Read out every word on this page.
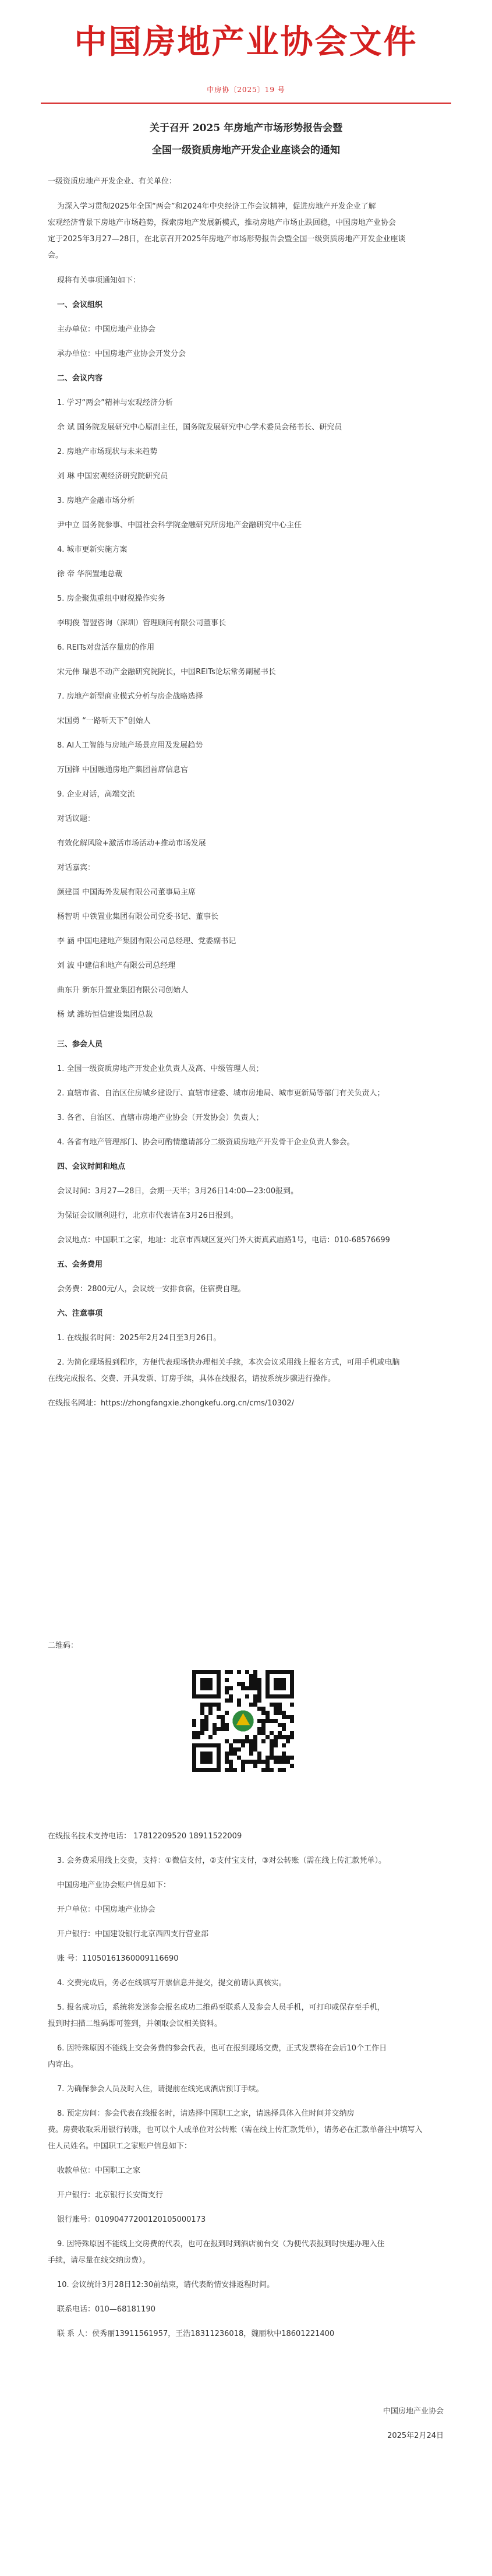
中国房地产业协会文件
中房协〔2025〕19 号
关于召开 2025 年房地产市场形势报告会暨
全国一级资质房地产开发企业座谈会的通知
一级资质房地产开发企业、有关单位：
为深入学习贯彻2025年全国“两会”和2024年中央经济工作会议精神，促进房地产开发企业了解
宏观经济背景下房地产市场趋势，探索房地产发展新模式，推动房地产市场止跌回稳，中国房地产业协会
定于2025年3月27—28日，在北京召开2025年房地产市场形势报告会暨全国一级资质房地产开发企业座谈
会。
现将有关事项通知如下：
一、会议组织
主办单位：中国房地产业协会
承办单位：中国房地产业协会开发分会
二、会议内容
1. 学习“两会”精神与宏观经济分析
余 斌 国务院发展研究中心原副主任，国务院发展研究中心学术委员会秘书长、研究员
2. 房地产市场现状与未来趋势
刘 琳 中国宏观经济研究院研究员
3. 房地产金融市场分析
尹中立 国务院参事、中国社会科学院金融研究所房地产金融研究中心主任
4. 城市更新实施方案
徐 帝 华润置地总裁
5. 房企聚焦重组中财税操作实务
李明俊 智盟咨询（深圳）管理顾问有限公司董事长
6. REITs对盘活存量房的作用
宋元伟 瑞思不动产金融研究院院长，中国REITs论坛常务副秘书长
7. 房地产新型商业模式分析与房企战略选择
宋国勇 “一路听天下”创始人
8. AI人工智能与房地产场景应用及发展趋势
万国锋 中国融通房地产集团首席信息官
9. 企业对话，高端交流
对话议题：
有效化解风险+激活市场活动+推动市场发展
对话嘉宾：
颜建国 中国海外发展有限公司董事局主席
杨智明 中铁置业集团有限公司党委书记、董事长
李 涵 中国电建地产集团有限公司总经理、党委副书记
刘 波 中建信和地产有限公司总经理
曲东升 新东升置业集团有限公司创始人
杨 斌 潍坊恒信建设集团总裁
三、参会人员
1. 全国一级资质房地产开发企业负责人及高、中级管理人员；
2. 直辖市省、自治区住房城乡建设厅、直辖市建委、城市房地局、城市更新局等部门有关负责人；
3. 各省、自治区、直辖市房地产业协会（开发协会）负责人；
4. 各省有地产管理部门、协会可酌情邀请部分二级资质房地产开发骨干企业负责人参会。
四、会议时间和地点
会议时间：3月27—28日，会期一天半；3月26日14:00—23:00报到。
为保证会议顺利进行，北京市代表请在3月26日报到。
会议地点：中国职工之家，地址：北京市西城区复兴门外大街真武庙路1号，电话：010-68576699
五、会务费用
会务费：2800元/人，会议统一安排食宿，住宿费自理。
六、注意事项
1. 在线报名时间：2025年2月24日至3月26日。
2. 为简化现场报到程序，方便代表现场快办理相关手续，本次会议采用线上报名方式，可用手机或电脑
在线完成报名、交费、开具发票、订房手续，具体在线报名，请按系统步骤进行操作。
在线报名网址：https://zhongfangxie.zhongkefu.org.cn/cms/10302/
二维码：
在线报名技术支持电话： 17812209520 18911522009
3. 会务费采用线上交费，支持：①微信支付，②支付宝支付，③对公转账（需在线上传汇款凭单）。
中国房地产业协会账户信息如下：
开户单位：中国房地产业协会
开户银行：中国建设银行北京西四支行营业部
账 号：11050161360009116690
4. 交费完成后，务必在线填写开票信息并提交，提交前请认真核实。
5. 报名成功后，系统将发送参会报名成功二维码至联系人及参会人员手机，可打印或保存至手机，
报到时扫描二维码即可签到，并领取会议相关资料。
6. 因特殊原因不能线上交会务费的参会代表，也可在报到现场交费，正式发票将在会后10个工作日
内寄出。
7. 为确保参会人员及时入住，请提前在线完成酒店预订手续。
8. 预定房间：参会代表在线报名时，请选择中国职工之家，请选择具体入住时间并交纳房
费。房费收取采用银行转账，也可以个人或单位对公转账（需在线上传汇款凭单），请务必在汇款单备注中填写入
住人员姓名。中国职工之家账户信息如下：
收款单位：中国职工之家
开户银行：北京银行长安街支行
银行账号：01090477200120105000173
9. 因特殊原因不能线上交房费的代表，也可在报到时到酒店前台交（为便代表报到时快速办理入住
手续，请尽量在线交纳房费）。
10. 会议统计3月28日12:30前结束，请代表酌情安排返程时间。
联系电话：010—68181190
联 系 人：侯秀丽13911561957，王浩18311236018，魏丽秋中18601221400
中国房地产业协会
2025年2月24日
